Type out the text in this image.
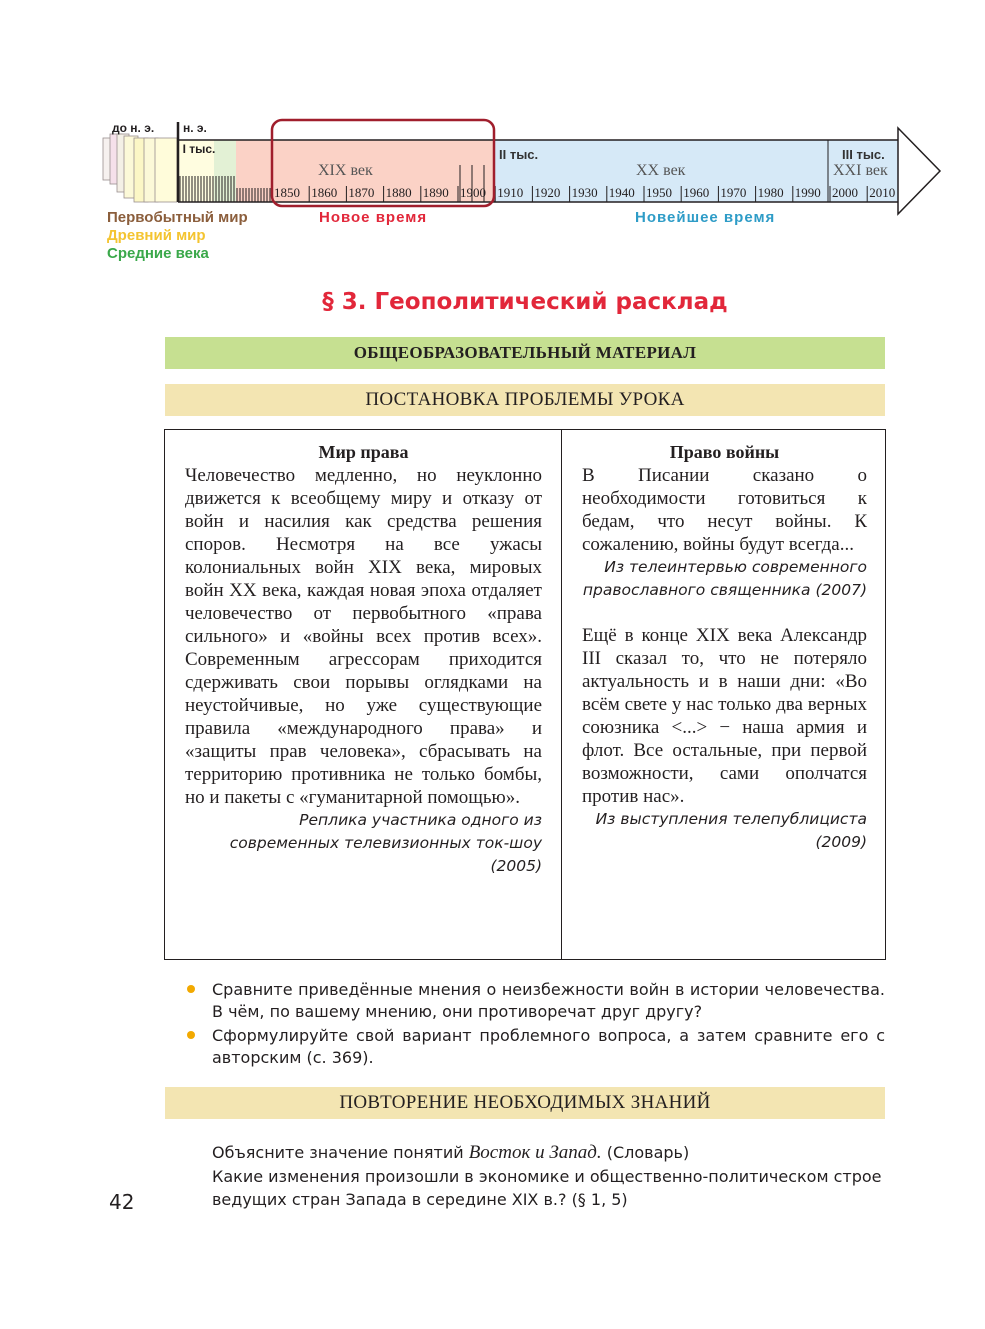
до н. э. н. э.
I тыс.	II тыс.	III тыс.
XIX век	XX век	XXI век
1850 1860 1870 1880 1890 1900 1910 1920 1930 1940 1950 1960 1970 1980 1990 2000 2010
Первобытный мир
Древний мир
Средние века
Новое время	Новейшее время
§ 3. Геополитический расклад
ОБЩЕОБРАЗОВАТЕЛЬНЫЙ МАТЕРИАЛ
ПОСТАНОВКА ПРОБЛЕМЫ УРОКА
Мир права
Человечество медленно, но неуклонно движется к всеобщему миру и отказу от войн и насилия как средства решения споров. Несмотря на все ужасы колониальных войн XIX века, мировых войн XX века, каждая новая эпоха отдаляет человечество от первобытного «права сильного» и «войны всех против всех». Современным агрессорам приходится сдерживать свои порывы оглядками на неустойчивые, но уже существующие правила «международного права» и «защиты прав человека», сбрасывать на территорию противника не только бомбы, но и пакеты с «гуманитарной помощью».
Реплика участника одного из современных телевизионных ток-шоу (2005)
Право войны
В Писании сказано о необходимости готовиться к бедам, что несут войны. К сожалению, войны будут всегда...
Из телеинтервью современного православного священника (2007)
Ещё в конце XIX века Александр III сказал то, что не потеряло актуальность и в наши дни: «Во всём свете у нас только два верных союзника <...> − наша армия и флот. Все остальные, при первой возможности, сами ополчатся против нас».
Из выступления телепублициста (2009)
Сравните приведённые мнения о неизбежности войн в истории человечества. В чём, по вашему мнению, они противоречат друг другу?
Сформулируйте свой вариант проблемного вопроса, а затем сравните его с авторским (с. 369).
ПОВТОРЕНИЕ НЕОБХОДИМЫХ ЗНАНИЙ
Объясните значение понятий Восток и Запад. (Словарь)
Какие изменения произошли в экономике и общественно-политическом строе ведущих стран Запада в середине XIX в.? (§ 1, 5)
42
